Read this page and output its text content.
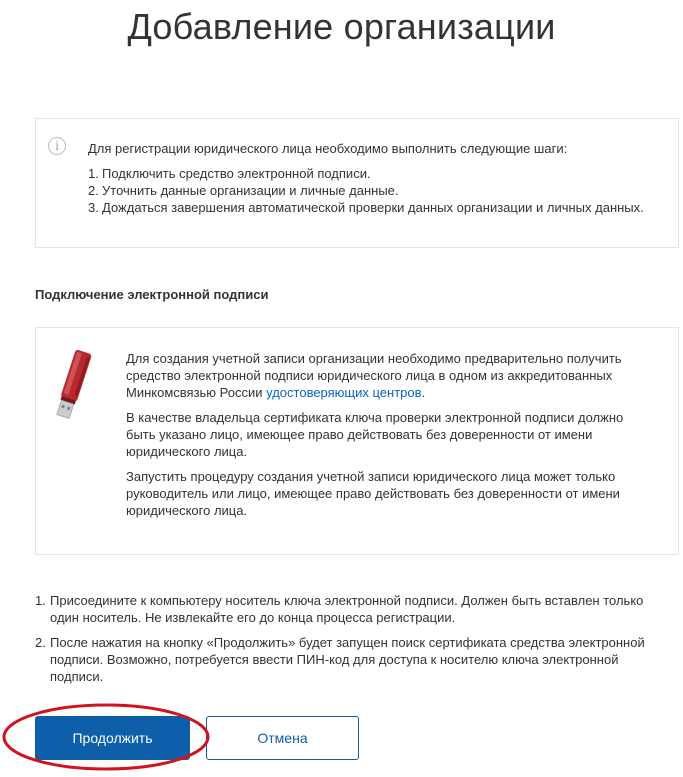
Добавление организации
i	Для регистрации юридического лица необходимо выполнить следующие шаги:
1. Подключить средство электронной подписи.
2. Уточнить данные организации и личные данные.
3. Дождаться завершения автоматической проверки данных организации и личных данных.
Подключение электронной подписи

Для создания учетной записи организации необходимо предварительно получить средство электронной подписи юридического лица в одном из аккредитованных Минкомсвязью России удостоверяющих центров.

В качестве владельца сертификата ключа проверки электронной подписи должно быть указано лицо, имеющее право действовать без доверенности от имени юридического лица.

Запустить процедуру создания учетной записи юридического лица может только руководитель или лицо, имеющее право действовать без доверенности от имени юридического лица.

1. Присоедините к компьютеру носитель ключа электронной подписи. Должен быть вставлен только один носитель. Не извлекайте его до конца процесса регистрации.
2. После нажатия на кнопку «Продолжить» будет запущен поиск сертификата средства электронной подписи. Возможно, потребуется ввести ПИН-код для доступа к носителю ключа электронной подписи.
Продолжить	Отмена
